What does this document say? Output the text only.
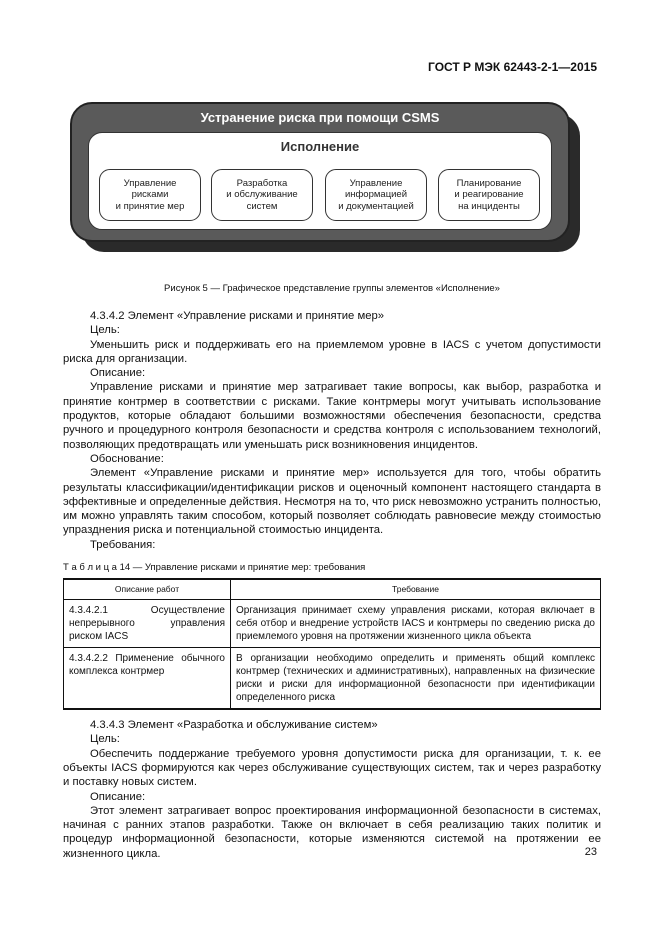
ГОСТ Р МЭК 62443-2-1—2015
Устранение риска при помощи CSMS
Исполнение
Управление
рисками
и принятие мер
Разработка
и обслуживание
систем
Управление
информацией
и документацией
Планирование
и реагирование
на инциденты
Рисунок 5 — Графическое представление группы элементов «Исполнение»

4.3.4.2 Элемент «Управление рисками и принятие мер»

Цель:

Уменьшить риск и поддерживать его на приемлемом уровне в IACS с учетом допустимости риска для организации.

Описание:

Управление рисками и принятие мер затрагивает такие вопросы, как выбор, разработка и принятие контрмер в соответствии с рисками. Такие контрмеры могут учитывать использование продуктов, которые обладают большими возможностями обеспечения безопасности, средства ручного и процедурного контроля безопасности и средства контроля с использованием технологий, позволяющих предотвращать или уменьшать риск возникновения инцидентов.

Обоснование:

Элемент «Управление рисками и принятие мер» используется для того, чтобы обратить результаты классификации/идентификации рисков и оценочный компонент настоящего стандарта в эффективные и определенные действия. Несмотря на то, что риск невозможно устранить полностью, им можно управлять таким способом, который позволяет соблюдать равновесие между стоимостью упразднения риска и потенциальной стоимостью инцидента.

Требования:

Т а б л и ц а 14 — Управление рисками и принятие мер: требования
Описание работ	Требование
4.3.4.2.1 Осуществление непрерывного управления риском IACS	Организация принимает схему управления рисками, которая включает в себя отбор и внедрение устройств IACS и контрмеры по сведению риска до приемлемого уровня на протяжении жизненного цикла объекта
4.3.4.2.2 Применение обычного комплекса контрмер	В организации необходимо определить и применять общий комплекс контрмер (технических и административных), направленных на физические риски и риски для информационной безопасности при идентификации определенного риска

4.3.4.3 Элемент «Разработка и обслуживание систем»

Цель:

Обеспечить поддержание требуемого уровня допустимости риска для организации, т. к. ее объекты IACS формируются как через обслуживание существующих систем, так и через разработку и поставку новых систем.

Описание:

Этот элемент затрагивает вопрос проектирования информационной безопасности в системах, начиная с ранних этапов разработки. Также он включает в себя реализацию таких политик и процедур информационной безопасности, которые изменяются системой на протяжении ее жизненного цикла.	23
